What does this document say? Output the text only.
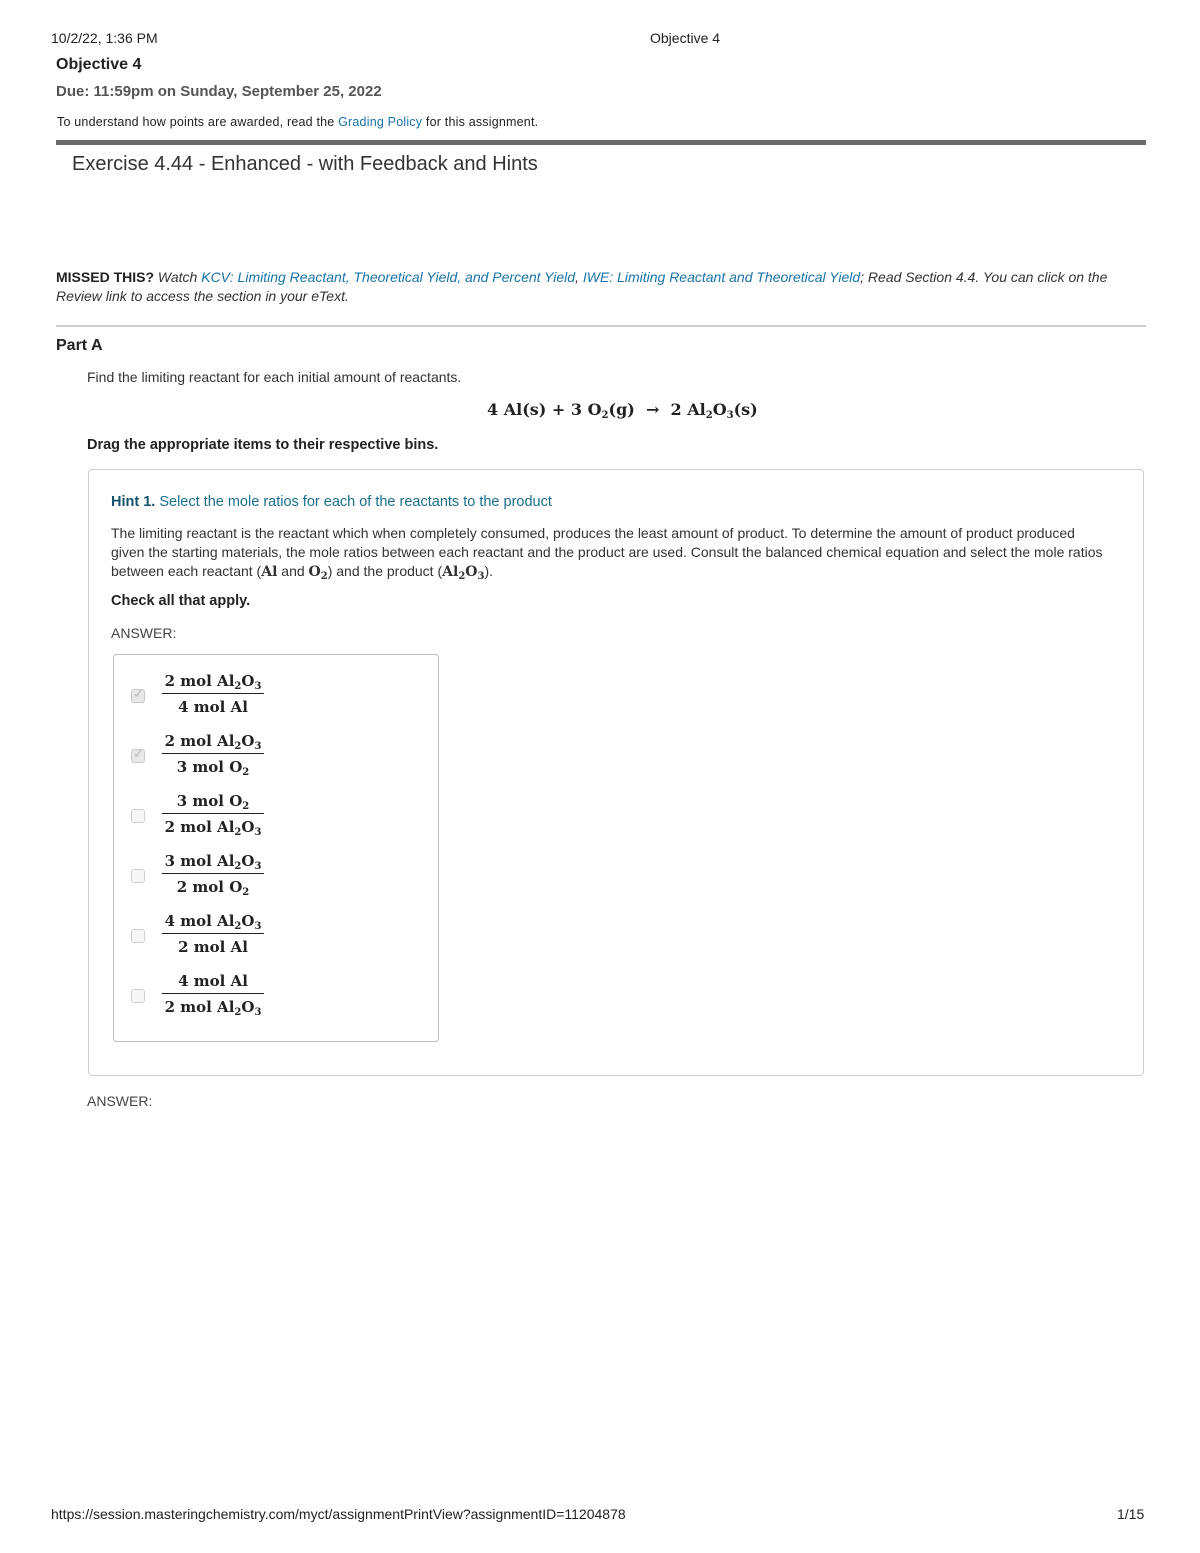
10/2/22, 1:36 PM	Objective 4
Objective 4
Due: 11:59pm on Sunday, September 25, 2022
To understand how points are awarded, read the Grading Policy for this assignment.
Exercise 4.44 - Enhanced - with Feedback and Hints
MISSED THIS? Watch KCV: Limiting Reactant, Theoretical Yield, and Percent Yield, IWE: Limiting Reactant and Theoretical Yield; Read Section 4.4. You can click on the Review link to access the section in your eText.
Part A
Find the limiting reactant for each initial amount of reactants.
4 Al(s) + 3 $O_2(g) \to 2$ $Al_2O_3(s)$
Drag the appropriate items to their respective bins.
Hint 1. Select the mole ratios for each of the reactants to the product
The limiting reactant is the reactant which when completely consumed, produces the least amount of product. To determine the amount of product produced given the starting materials, the mole ratios between each reactant and the product are used. Consult the balanced chemical equation and select the mole ratios between each reactant (Al and $O_2$) and the product $(Al_2O_3)$.
Check all that apply.
ANSWER:
✓
2 mol $Al_2O_3$
4 mol Al
✓
2 mol $Al_2O_3$
3 mol $O_2$
3 mol $O_2$
2 mol $Al_2O_3$
3 mol $Al_2O_3$
2 mol $O_2$
4 mol $Al_2O_3$
2 mol Al
4 mol Al
2 mol $Al_2O_3$
ANSWER:
https://session.masteringchemistry.com/myct/assignmentPrintView?assignmentID=11204878	1/15
